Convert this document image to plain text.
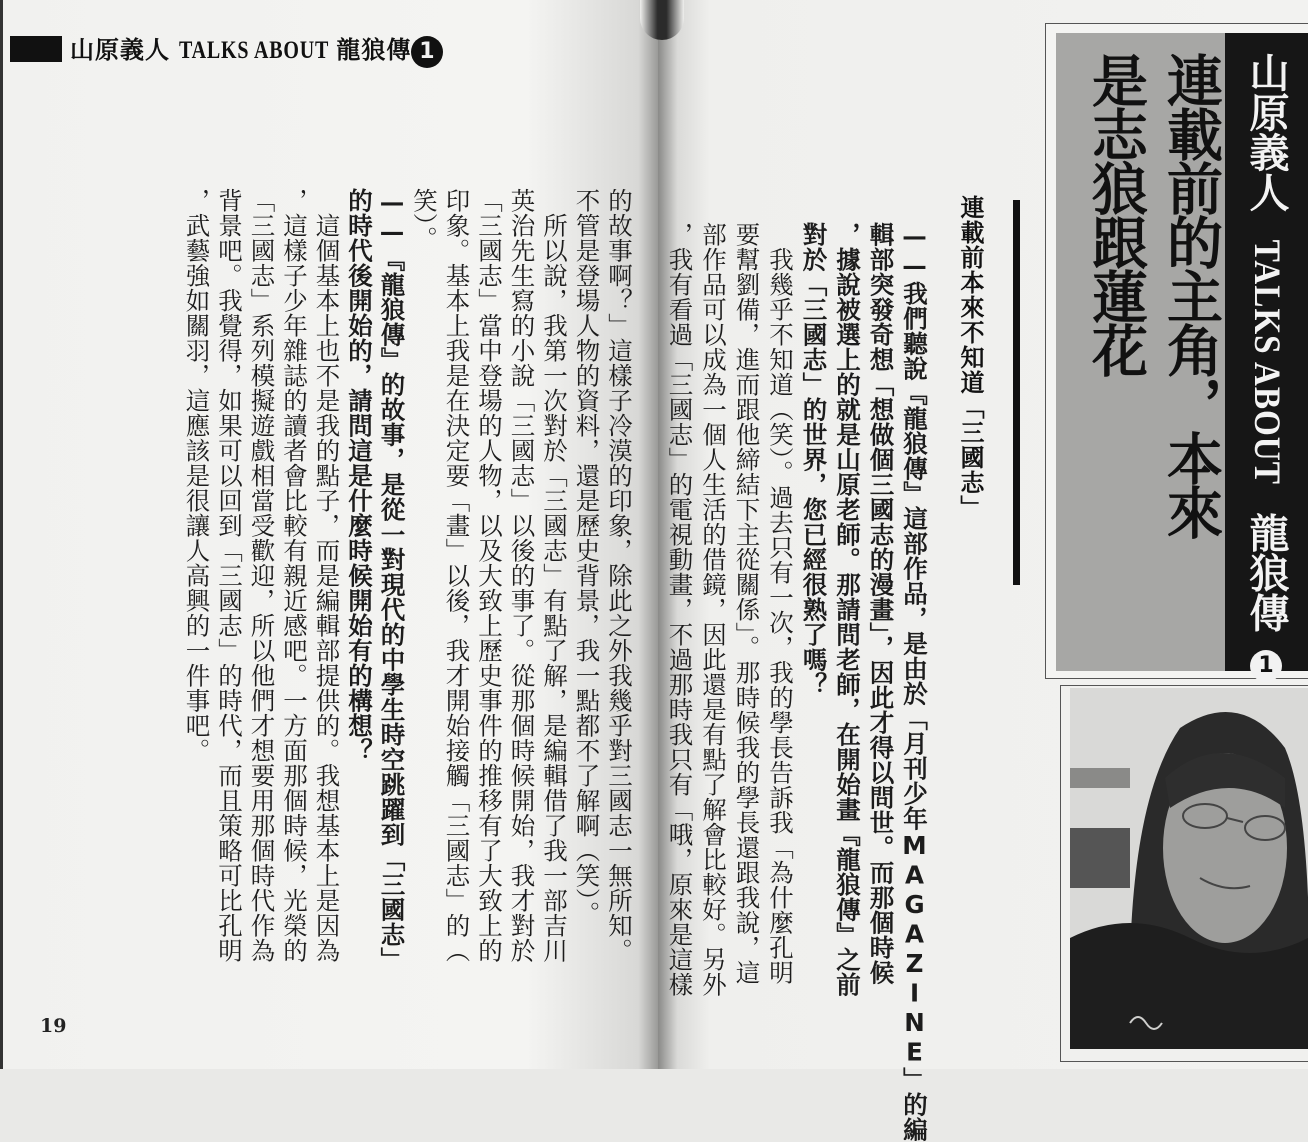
山原義人 TALKS ABOUT 龍狼傳 1
——我們聽說『龍狼傳』這部作品，是由於「月刊少年MAGAZINE」的編
輯部突發奇想「想做個三國志的漫畫」，因此才得以問世。而那個時候
，據說被選上的就是山原老師。那請問老師，在開始畫『龍狼傳』之前
對於「三國志」的世界，您已經很熟了嗎？
　我幾乎不知道（笑）。過去只有一次，我的學長告訴我「為什麼孔明
要幫劉備，進而跟他締結下主從關係」。那時候我的學長還跟我說，這
部作品可以成為一個人生活的借鏡，因此還是有點了解會比較好。另外
，我有看過「三國志」的電視動畫，不過那時我只有「哦，原來是這樣
的故事啊？」這樣子冷漠的印象，除此之外我幾乎對三國志一無所知。
不管是登場人物的資料，還是歷史背景，我一點都不了解啊（笑）。
　所以說，我第一次對於「三國志」有點了解，是編輯借了我一部吉川
英治先生寫的小說「三國志」以後的事了。從那個時候開始，我才對於
「三國志」當中登場的人物，以及大致上歷史事件的推移有了大致上的
印象。基本上我是在決定要「畫」以後，我才開始接觸「三國志」的（
笑）。
——『龍狼傳』的故事，是從一對現代的中學生時空跳躍到「三國志」
的時代後開始的，請問這是什麼時候開始有的構想？
　這個基本上也不是我的點子，而是編輯部提供的。我想基本上是因為
，這樣子少年雜誌的讀者會比較有親近感吧。一方面那個時候，光榮的
「三國志」系列模擬遊戲相當受歡迎，所以他們才想要用那個時代作為
背景吧。我覺得，如果可以回到「三國志」的時代，而且策略可比孔明
，武藝強如關羽，這應該是很讓人高興的一件事吧。	連載前本來不知道「三國志」	連載前的主角，本來
是志狼跟蓮花 山原義人 TALKS ABOUT 龍狼傳 1
19
